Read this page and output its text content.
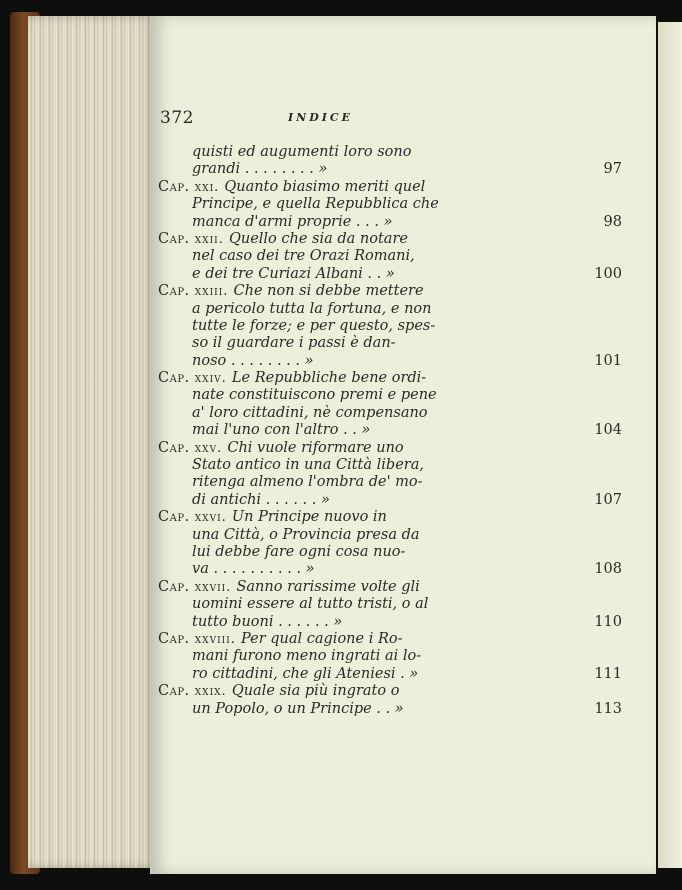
372	INDICE
quisti ed augumenti loro sono
grandi . . . . . . . . »	97
Cap. xxi. Quanto biasimo meriti quel
Principe, e quella Repubblica che
manca d'armi proprie . . . »	98
Cap. xxii. Quello che sia da notare
nel caso dei tre Orazi Romani,
e dei tre Curiazi Albani . . »	100
Cap. xxiii. Che non si debbe mettere
a pericolo tutta la fortuna, e non
tutte le forze; e per questo, spes-
so il guardare i passi è dan-
noso . . . . . . . . »	101
Cap. xxiv. Le Repubbliche bene ordi-
nate constituiscono premi e pene
a' loro cittadini, nè compensano
mai l'uno con l'altro . . »	104
Cap. xxv. Chi vuole riformare uno
Stato antico in una Città libera,
ritenga almeno l'ombra de' mo-
di antichi . . . . . . »	107
Cap. xxvi. Un Principe nuovo in
una Città, o Provincia presa da
lui debbe fare ogni cosa nuo-
va . . . . . . . . . . »	108
Cap. xxvii. Sanno rarissime volte gli
uomini essere al tutto tristi, o al
tutto buoni . . . . . . »	110
Cap. xxviii. Per qual cagione i Ro-
mani furono meno ingrati ai lo-
ro cittadini, che gli Ateniesi . »	111
Cap. xxix. Quale sia più ingrato o
un Popolo, o un Principe . . »	113
